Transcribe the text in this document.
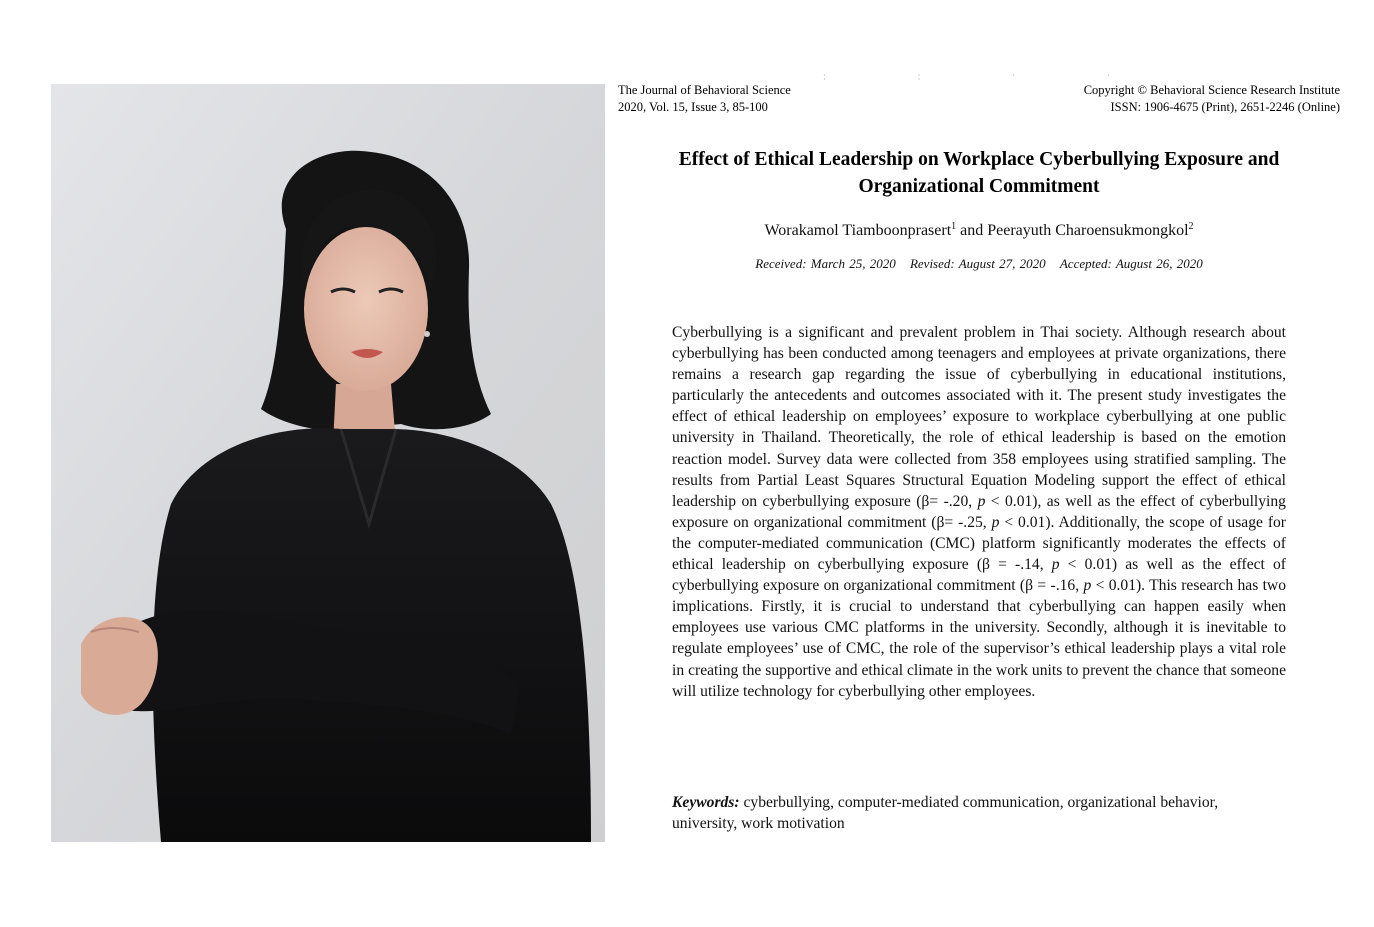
· · · · · ·
The Journal of Behavioral Science
2020, Vol. 15, Issue 3, 85-100
Copyright © Behavioral Science Research Institute
ISSN: 1906-4675 (Print), 2651-2246 (Online)
Effect of Ethical Leadership on Workplace Cyberbullying Exposure and Organizational Commitment
Worakamol Tiamboonprasert$^1$ and Peerayuth Charoensukmongkol$^2$
Received: March 25, 2020 Revised: August 27, 2020 Accepted: August 26, 2020
Cyberbullying is a significant and prevalent problem in Thai society. Although research about cyberbullying has been conducted among teenagers and employees at private organizations, there remains a research gap regarding the issue of cyberbullying in educational institutions, particularly the antecedents and outcomes associated with it. The present study investigates the effect of ethical leadership on employees’ exposure to workplace cyberbullying at one public university in Thailand. Theoretically, the role of ethical leadership is based on the emotion reaction model. Survey data were collected from 358 employees using stratified sampling. The results from Partial Least Squares Structural Equation Modeling support the effect of ethical leadership on cyberbullying exposure (β= -.20, p < 0.01), as well as the effect of cyberbullying exposure on organizational commitment (β= -.25, p < 0.01). Additionally, the scope of usage for the computer-mediated communication (CMC) platform significantly moderates the effects of ethical leadership on cyberbullying exposure (β = -.14, p < 0.01) as well as the effect of cyberbullying exposure on organizational commitment (β = -.16, p < 0.01). This research has two implications. Firstly, it is crucial to understand that cyberbullying can happen easily when employees use various CMC platforms in the university. Secondly, although it is inevitable to regulate employees’ use of CMC, the role of the supervisor’s ethical leadership plays a vital role in creating the supportive and ethical climate in the work units to prevent the chance that someone will utilize technology for cyberbullying other employees.
Keywords: cyberbullying, computer-mediated communication, organizational behavior, university, work motivation
